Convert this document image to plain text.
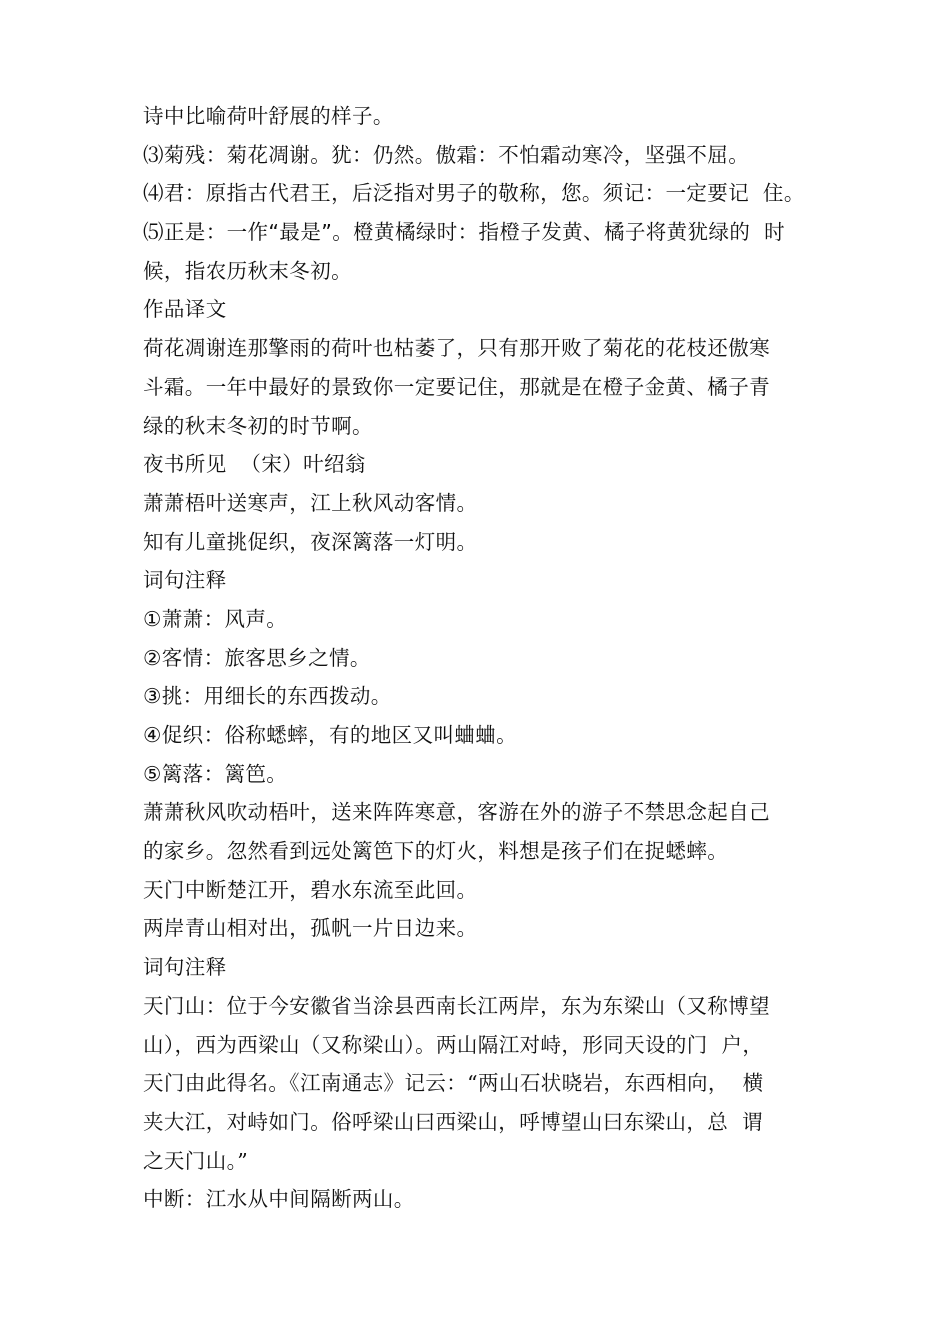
诗中比喻荷叶舒展的样子。
⑶菊残：菊花凋谢。犹：仍然。傲霜：不怕霜动寒冷，坚强不屈。
⑷君：原指古代君王，后泛指对男子的敬称，您。须记：一定要记  住。
⑸正是：一作“最是”。橙黄橘绿时：指橙子发黄、橘子将黄犹绿的  时
候，指农历秋末冬初。
作品译文
荷花凋谢连那擎雨的荷叶也枯萎了，只有那开败了菊花的花枝还傲寒
斗霜。一年中最好的景致你一定要记住，那就是在橙子金黄、橘子青
绿的秋末冬初的时节啊。
夜书所见  （宋）叶绍翁
萧萧梧叶送寒声，江上秋风动客情。
知有儿童挑促织，夜深篱落一灯明。
词句注释
①萧萧：风声。
②客情：旅客思乡之情。
③挑：用细长的东西拨动。
④促织：俗称蟋蟀，有的地区又叫蛐蛐。
⑤篱落：篱笆。
萧萧秋风吹动梧叶，送来阵阵寒意，客游在外的游子不禁思念起自己
的家乡。忽然看到远处篱笆下的灯火，料想是孩子们在捉蟋蟀。
天门中断楚江开，碧水东流至此回。
两岸青山相对出，孤帆一片日边来。
词句注释
天门山：位于今安徽省当涂县西南长江两岸，东为东梁山（又称博望
山），西为西梁山（又称梁山）。两山隔江对峙，形同天设的门  户，
天门由此得名。《江南通志》记云：“两山石状晓岩，东西相向，  横
夹大江，对峙如门。俗呼梁山曰西梁山，呼博望山曰东梁山，总  谓
之天门山。”
中断：江水从中间隔断两山。
